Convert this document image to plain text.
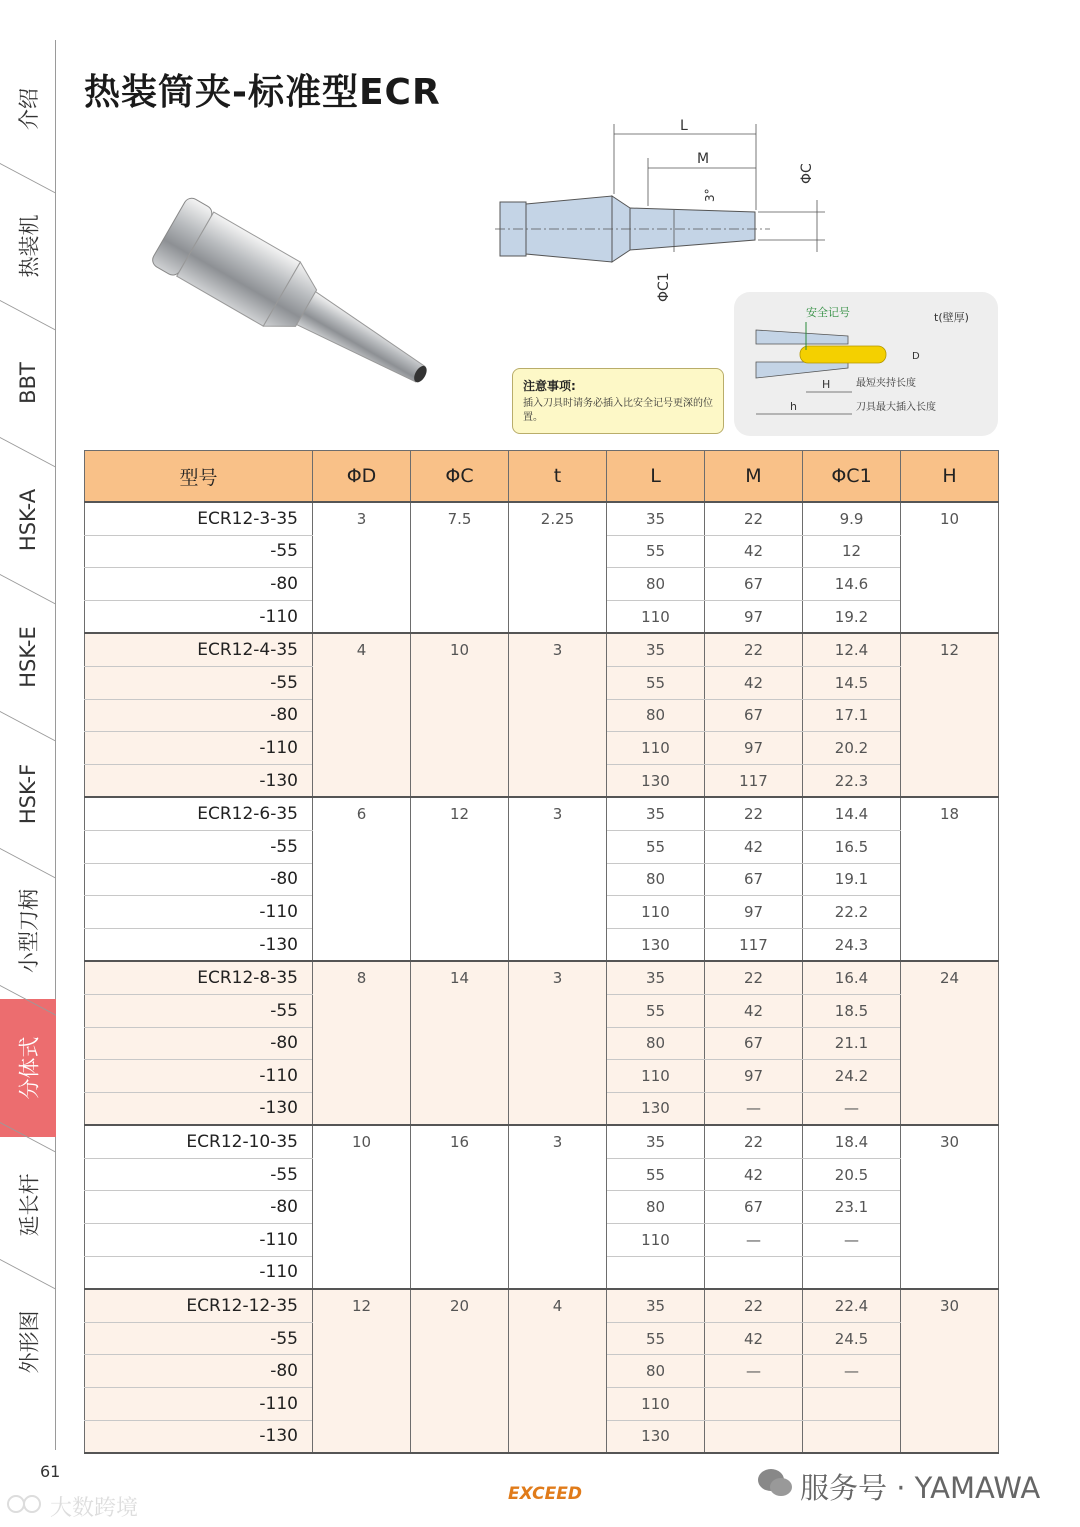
介绍
热装机
BBT
HSK-A
HSK-E
HSK-F
小型刀柄
分体式
延长杆
外形图
热装筒夹-标准型ECR
L
M
3°
ΦC
ΦC1
安全记号	t(壁厚)
D
H	最短夹持长度
h	刀具最大插入长度
注意事项:
插入刀具时请务必插入比安全记号更深的位置。
型号	ΦD	ΦC	t	L	M	ΦC1	H
ECR12-3-35	3	7.5	2.25	35	22	9.9	10
-55				55	42	12	
-80				80	67	14.6	
-110				110	97	19.2	
ECR12-4-35	4	10	3	35	22	12.4	12
-55				55	42	14.5	
-80				80	67	17.1	
-110				110	97	20.2	
-130				130	117	22.3	
ECR12-6-35	6	12	3	35	22	14.4	18
-55				55	42	16.5	
-80				80	67	19.1	
-110				110	97	22.2	
-130				130	117	24.3	
ECR12-8-35	8	14	3	35	22	16.4	24
-55				55	42	18.5	
-80				80	67	21.1	
-110				110	97	24.2	
-130				130	—	—	
ECR12-10-35	10	16	3	35	22	18.4	30
-55				55	42	20.5	
-80				80	67	23.1	
-110				110	—	—	
-110							
ECR12-12-35	12	20	4	35	22	22.4	30
-55				55	42	24.5	
-80				80	—	—	
-110				110			
-130				130			
61
EXCEED	服务号 · YAMAWA
大数跨境
